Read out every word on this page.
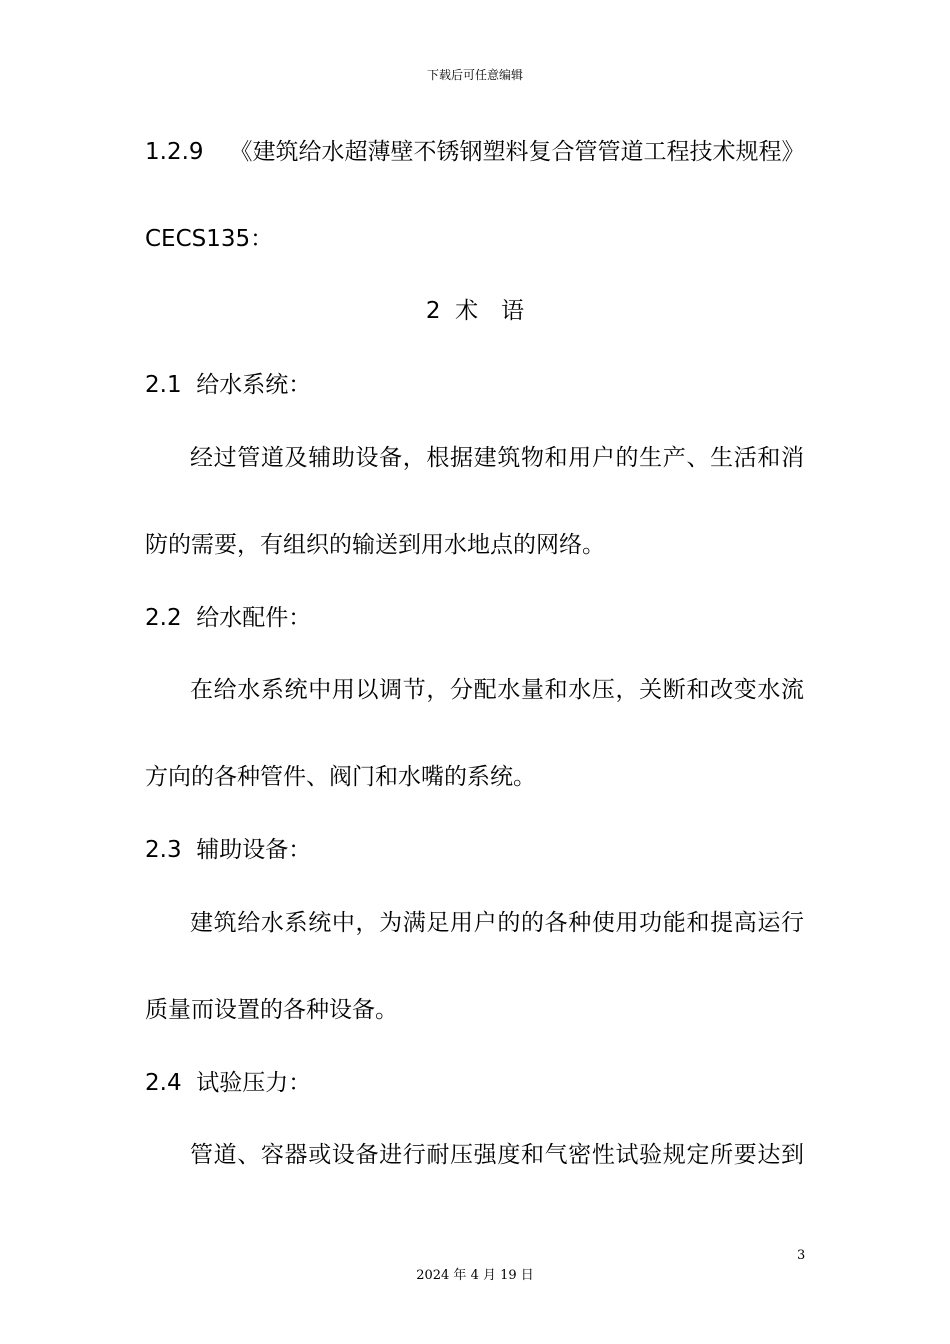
下载后可任意编辑
1.2.9 《建筑给水超薄壁不锈钢塑料复合管管道工程技术规程》
CECS135：
2 术　语
2.1 给水系统：
经过管道及辅助设备，根据建筑物和用户的生产、生活和消
防的需要，有组织的输送到用水地点的网络。
2.2 给水配件：
在给水系统中用以调节，分配水量和水压，关断和改变水流
方向的各种管件、阀门和水嘴的系统。
2.3 辅助设备：
建筑给水系统中，为满足用户的的各种使用功能和提高运行
质量而设置的各种设备。
2.4 试验压力：
管道、容器或设备进行耐压强度和气密性试验规定所要达到
3
2024 年 4 月 19 日
